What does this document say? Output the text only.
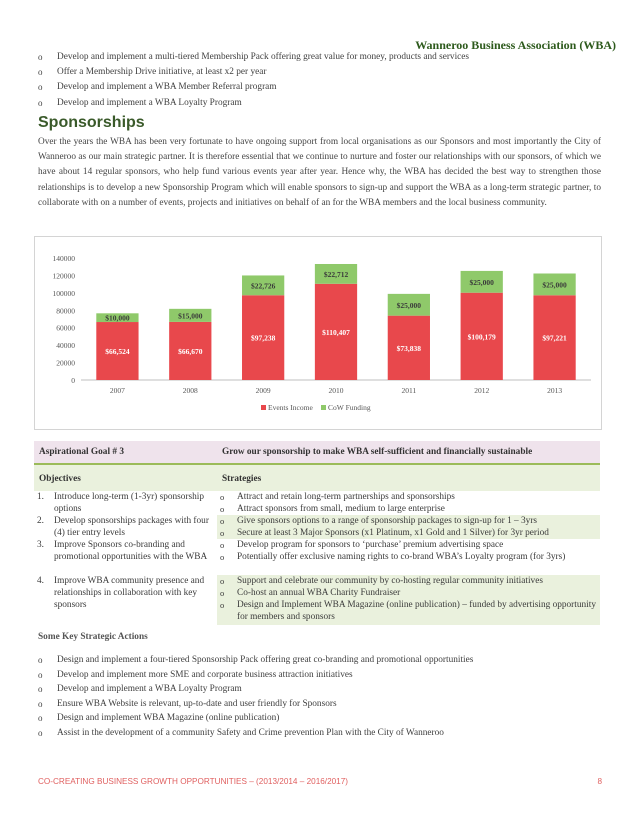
Wanneroo Business Association (WBA)
o Develop and implement a multi-tiered Membership Pack offering great value for money, products and services
o Offer a Membership Drive initiative, at least x2 per year
o Develop and implement a WBA Member Referral program
o Develop and implement a WBA Loyalty Program
Sponsorships

Over the years the WBA has been very fortunate to have ongoing support from local organisations as our Sponsors and most importantly the City of Wanneroo as our main strategic partner. It is therefore essential that we continue to nurture and foster our relationships with our sponsors, of which we have about 14 regular sponsors, who help fund various events year after year. Hence why, the WBA has decided the best way to strengthen those relationships is to develop a new Sponsorship Program which will enable sponsors to sign-up and support the WBA as a long-term strategic partner, to collaborate with on a number of events, projects and initiatives on behalf of an for the WBA members and the local business community.

0
20000
40000
60000
80000
100000
120000
140000
$66,524
$10,000
2007
$66,670
$15,000
2008
$97,238
$22,726
2009
$110,407
$22,712
2010
$73,838
$25,000
2011
$100,179
$25,000
2012
$97,221
$25,000
2013
Events Income CoW Funding
Aspirational Goal # 3	Grow our sponsorship to make WBA self-sufficient and financially sustainable
Objectives	Strategies
1. Introduce long-term (1-3yr) sponsorship options
o Attract and retain long-term partnerships and sponsorships
o Attract sponsors from small, medium to large enterprise
2. Develop sponsorships packages with four (4) tier entry levels
o Give sponsors options to a range of sponsorship packages to sign-up for 1 – 3yrs
o Secure at least 3 Major Sponsors (x1 Platinum, x1 Gold and 1 Silver) for 3yr period
3. Improve Sponsors co-branding and promotional opportunities with the WBA
o Develop program for sponsors to ‘purchase’ premium advertising space
o Potentially offer exclusive naming rights to co-brand WBA’s Loyalty program (for 3yrs)
4. Improve WBA community presence and relationships in collaboration with key sponsors
o Support and celebrate our community by co-hosting regular community initiatives
o Co-host an annual WBA Charity Fundraiser
o Design and Implement WBA Magazine (online publication) – funded by advertising opportunity for members and sponsors
Some Key Strategic Actions
o Design and implement a four-tiered Sponsorship Pack offering great co-branding and promotional opportunities
o Develop and implement more SME and corporate business attraction initiatives
o Develop and implement a WBA Loyalty Program
o Ensure WBA Website is relevant, up-to-date and user friendly for Sponsors
o Design and implement WBA Magazine (online publication)
o Assist in the development of a community Safety and Crime prevention Plan with the City of Wanneroo
CO-CREATING BUSINESS GROWTH OPPORTUNITIES – (2013/2014 – 2016/2017)	8
